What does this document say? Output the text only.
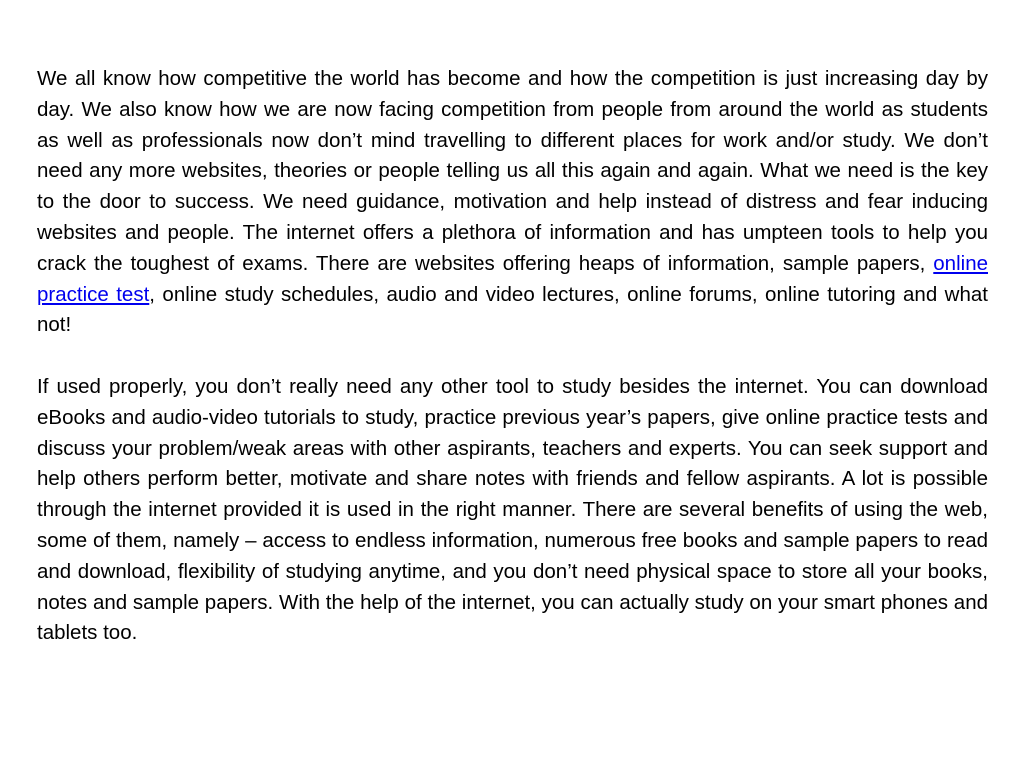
We all know how competitive the world has become and how the competition is just increasing day by day. We also know how we are now facing competition from people from around the world as students as well as professionals now don’t mind travelling to different places for work and/or study. We don’t need any more websites, theories or people telling us all this again and again. What we need is the key to the door to success. We need guidance, motivation and help instead of distress and fear inducing websites and people. The internet offers a plethora of information and has umpteen tools to help you crack the toughest of exams. There are websites offering heaps of information, sample papers, online practice test, online study schedules, audio and video lectures, online forums, online tutoring and what not!

If used properly, you don’t really need any other tool to study besides the internet. You can download eBooks and audio-video tutorials to study, practice previous year’s papers, give online practice tests and discuss your problem/weak areas with other aspirants, teachers and experts. You can seek support and help others perform better, motivate and share notes with friends and fellow aspirants. A lot is possible through the internet provided it is used in the right manner. There are several benefits of using the web, some of them, namely – access to endless information, numerous free books and sample papers to read and download, flexibility of studying anytime, and you don’t need physical space to store all your books, notes and sample papers. With the help of the internet, you can actually study on your smart phones and tablets too.
